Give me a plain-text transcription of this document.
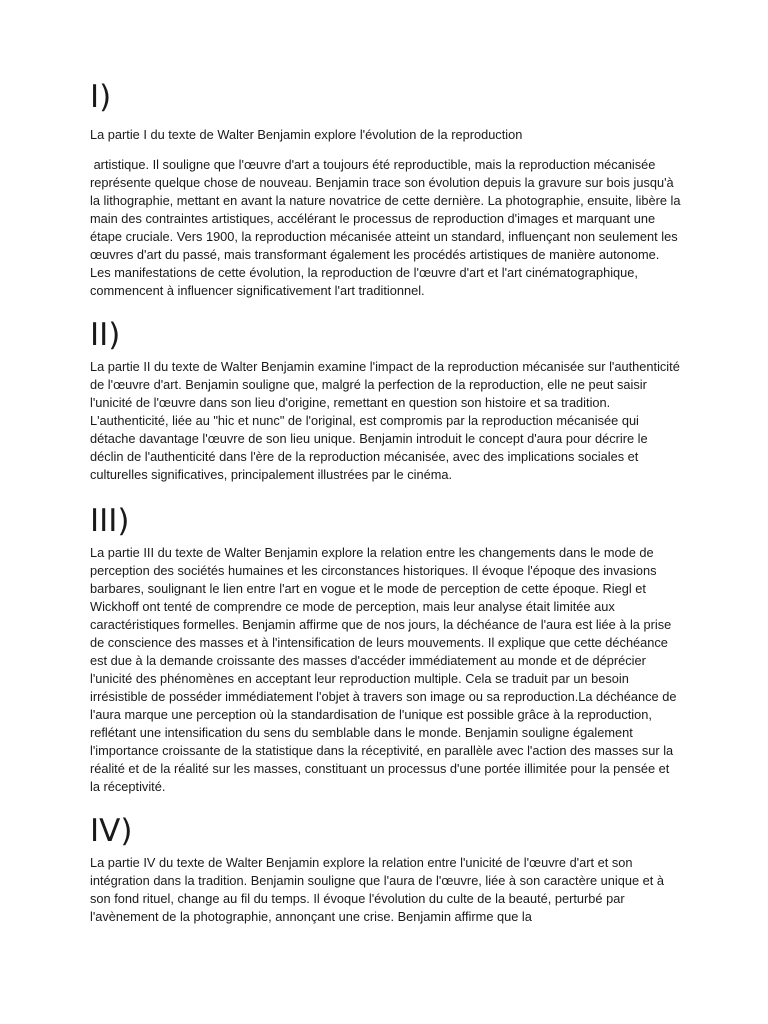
I)

La partie I du texte de Walter Benjamin explore l'évolution de la reproduction

artistique. Il souligne que l'œuvre d'art a toujours été reproductible, mais la reproduction mécanisée représente quelque chose de nouveau. Benjamin trace son évolution depuis la gravure sur bois jusqu'à la lithographie, mettant en avant la nature novatrice de cette dernière. La photographie, ensuite, libère la main des contraintes artistiques, accélérant le processus de reproduction d'images et marquant une étape cruciale. Vers 1900, la reproduction mécanisée atteint un standard, influençant non seulement les œuvres d'art du passé, mais transformant également les procédés artistiques de manière autonome. Les manifestations de cette évolution, la reproduction de l'œuvre d'art et l'art cinématographique, commencent à influencer significativement l'art traditionnel.

II)

La partie II du texte de Walter Benjamin examine l'impact de la reproduction mécanisée sur l'authenticité de l'œuvre d'art. Benjamin souligne que, malgré la perfection de la reproduction, elle ne peut saisir l'unicité de l'œuvre dans son lieu d'origine, remettant en question son histoire et sa tradition. L'authenticité, liée au "hic et nunc" de l'original, est compromis par la reproduction mécanisée qui détache davantage l'œuvre de son lieu unique. Benjamin introduit le concept d'aura pour décrire le déclin de l'authenticité dans l'ère de la reproduction mécanisée, avec des implications sociales et culturelles significatives, principalement illustrées par le cinéma.

III)

La partie III du texte de Walter Benjamin explore la relation entre les changements dans le mode de perception des sociétés humaines et les circonstances historiques. Il évoque l'époque des invasions barbares, soulignant le lien entre l'art en vogue et le mode de perception de cette époque. Riegl et Wickhoff ont tenté de comprendre ce mode de perception, mais leur analyse était limitée aux caractéristiques formelles. Benjamin affirme que de nos jours, la déchéance de l'aura est liée à la prise de conscience des masses et à l'intensification de leurs mouvements. Il explique que cette déchéance est due à la demande croissante des masses d'accéder immédiatement au monde et de déprécier l'unicité des phénomènes en acceptant leur reproduction multiple. Cela se traduit par un besoin irrésistible de posséder immédiatement l'objet à travers son image ou sa reproduction.La déchéance de l'aura marque une perception où la standardisation de l'unique est possible grâce à la reproduction, reflétant une intensification du sens du semblable dans le monde. Benjamin souligne également l'importance croissante de la statistique dans la réceptivité, en parallèle avec l'action des masses sur la réalité et de la réalité sur les masses, constituant un processus d'une portée illimitée pour la pensée et la réceptivité.

IV)

La partie IV du texte de Walter Benjamin explore la relation entre l'unicité de l'œuvre d'art et son intégration dans la tradition. Benjamin souligne que l'aura de l'œuvre, liée à son caractère unique et à son fond rituel, change au fil du temps. Il évoque l'évolution du culte de la beauté, perturbé par l'avènement de la photographie, annonçant une crise. Benjamin affirme que la
